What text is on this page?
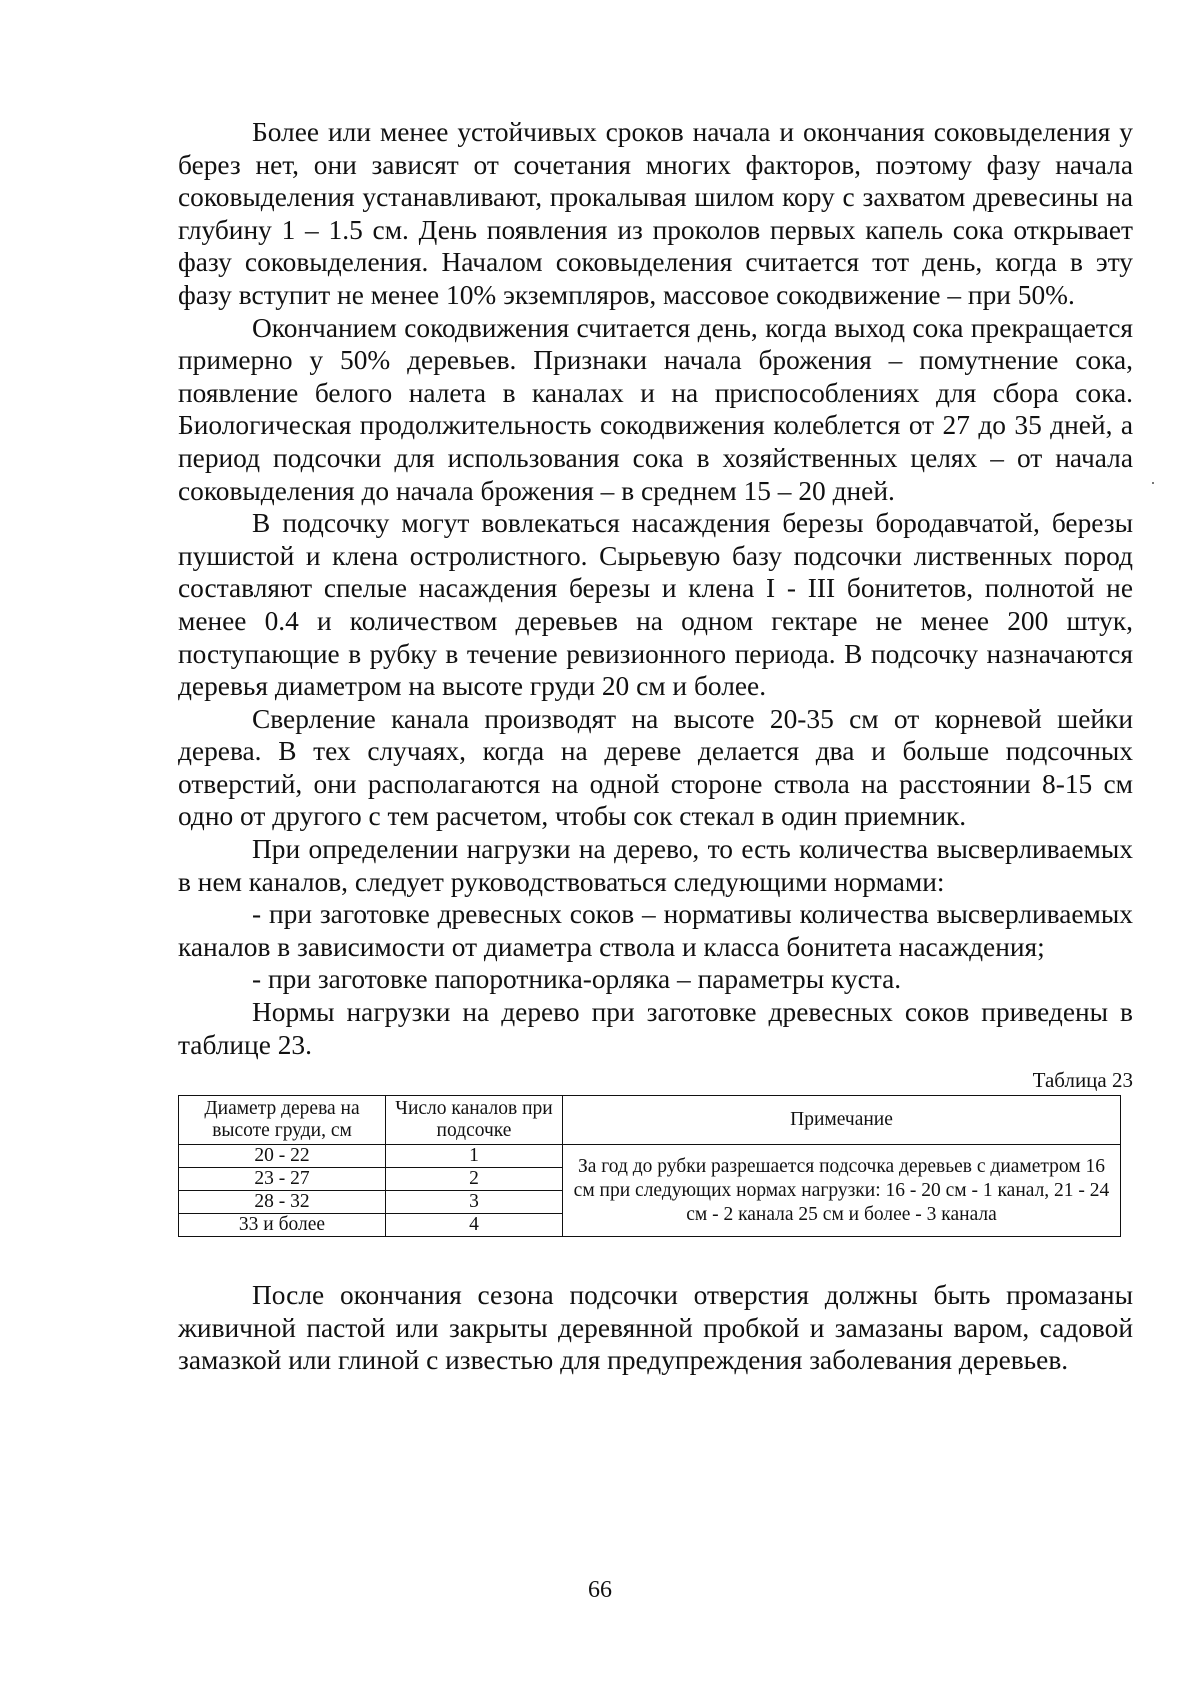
Более или менее устойчивых сроков начала и окончания соковыделения у берез нет, они зависят от сочетания многих факторов, поэтому фазу начала соковыделения устанавливают, прокалывая шилом кору с захватом древесины на глубину 1 – 1.5 см. День появления из проколов первых капель сока открывает фазу соковыделения. Началом соковыделения считается тот день, когда в эту фазу вступит не менее 10% экземпляров, массовое сокодвижение – при 50%.

Окончанием сокодвижения считается день, когда выход сока прекращается примерно у 50% деревьев. Признаки начала брожения – помутнение сока, появление белого налета в каналах и на приспособлениях для сбора сока. Биологическая продолжительность сокодвижения колеблется от 27 до 35 дней, а период подсочки для использования сока в хозяйственных целях – от начала соковыделения до начала брожения – в среднем 15 – 20 дней.

В подсочку могут вовлекаться насаждения березы бородавчатой, березы пушистой и клена остролистного. Сырьевую базу подсочки лиственных пород составляют спелые насаждения березы и клена I - III бонитетов, полнотой не менее 0.4 и количеством деревьев на одном гектаре не менее 200 штук, поступающие в рубку в течение ревизионного периода. В подсочку назначаются деревья диаметром на высоте груди 20 см и более.

Сверление канала производят на высоте 20-35 см от корневой шейки дерева. В тех случаях, когда на дереве делается два и больше подсочных отверстий, они располагаются на одной стороне ствола на расстоянии 8-15 см одно от другого с тем расчетом, чтобы сок стекал в один приемник.

При определении нагрузки на дерево, то есть количества высверливаемых в нем каналов, следует руководствоваться следующими нормами:

- при заготовке древесных соков – нормативы количества высверливаемых каналов в зависимости от диаметра ствола и класса бонитета насаждения;

- при заготовке папоротника-орляка – параметры куста.

Нормы нагрузки на дерево при заготовке древесных соков приведены в таблице 23.

Таблица 23
Диаметр дерева на высоте груди, см	Число каналов при подсочке	Примечание
20 - 22	1	За год до рубки разрешается подсочка деревьев с диаметром 16 см при следующих нормах нагрузки: 16 - 20 см - 1 канал, 21 - 24 см - 2 канала 25 см и более - 3 канала
23 - 27	2	
28 - 32	3	
33 и более	4	

После окончания сезона подсочки отверстия должны быть промазаны живичной пастой или закрыты деревянной пробкой и замазаны варом, садовой замазкой или глиной с известью для предупреждения заболевания деревьев.

66
